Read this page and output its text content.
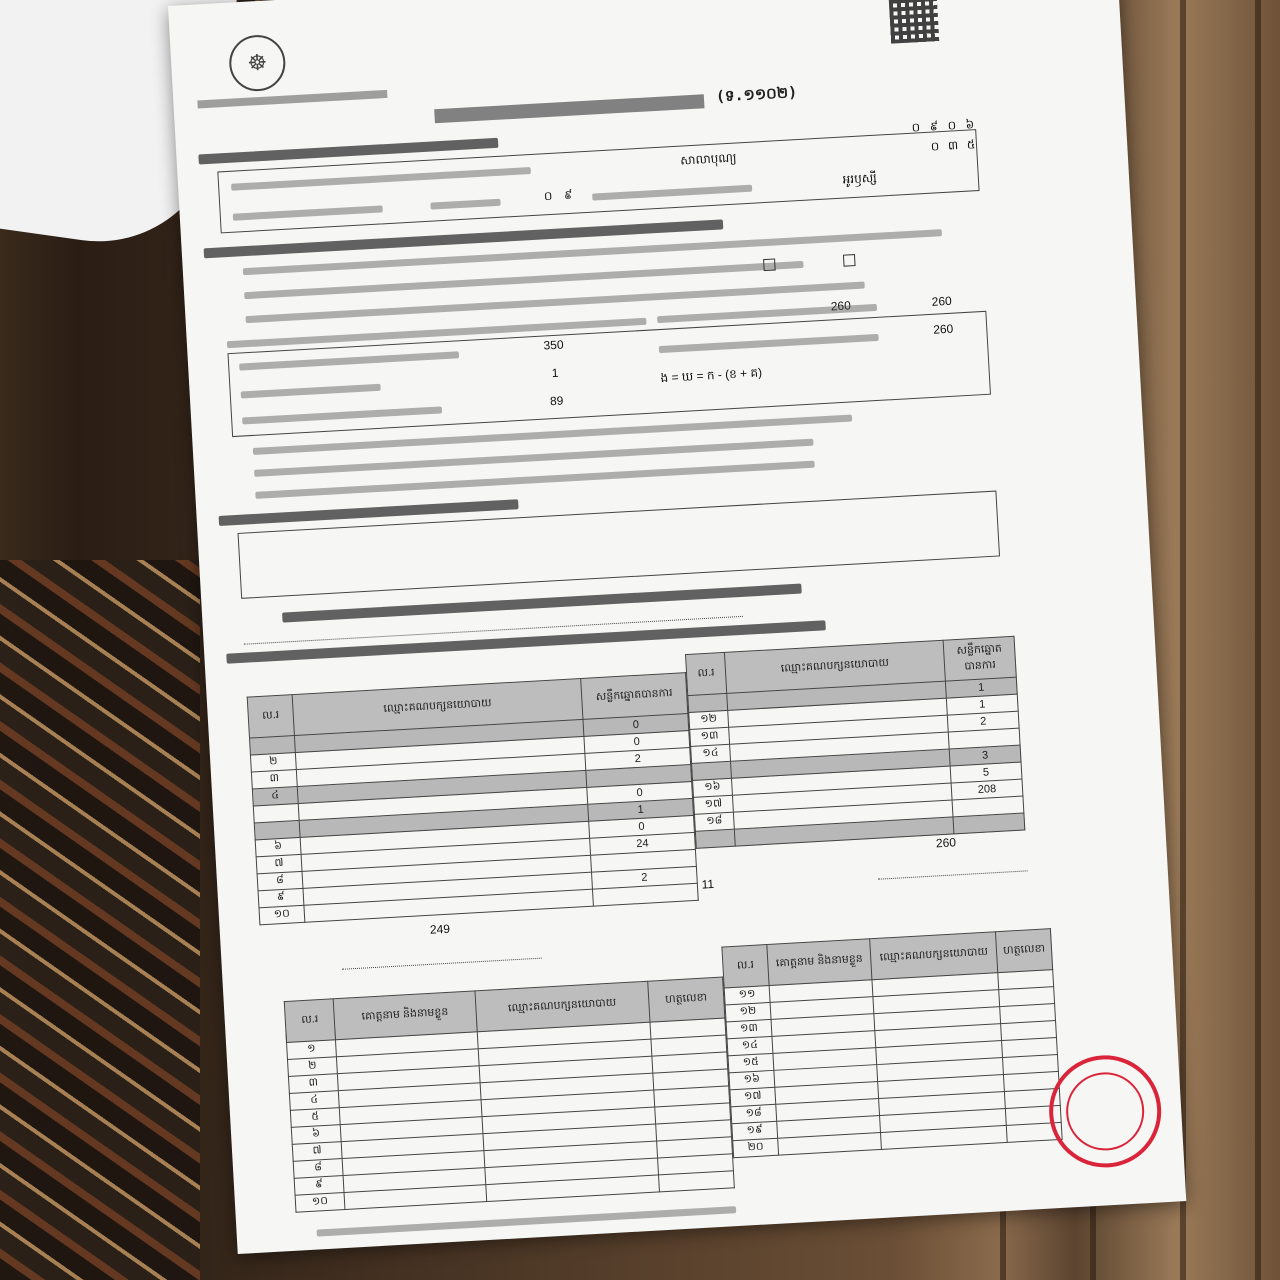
☸
(ទ.១១០២)
សាលាបុណ្យ
០ ៩
អូរឫស្សី
០ ៩ ០ ៦
០ ៣ ៥
260
350
1
89
260
260
ង = ឃ = ក - (ខ + គ)
ល.រ	ឈ្មោះគណបក្សនយោបាយ	សន្លឹកឆ្នោតបានការ
		0
២		0
៣		2
៤		
		0
		1
៦		0
៧		24
៨		
៩		2
១០		
ល.រ	ឈ្មោះគណបក្សនយោបាយ	សន្លឹកឆ្នោតបានការ
		1
១២		1
១៣		2
១៤		
		3
១៦		5
១៧		208
១៨		

260
11
249
ល.រ	គោត្តនាម និងនាមខ្លួន	ឈ្មោះគណបក្សនយោបាយ	ហត្ថលេខា
១			
២			
៣			
៤			
៥			
៦			
៧			
៨			
៩			
១០			
ល.រ	គោត្តនាម និងនាមខ្លួន	ឈ្មោះគណបក្សនយោបាយ	ហត្ថលេខា
១១			
១២			
១៣			
១៤			
១៥			
១៦			
១៧			
១៨			
១៩			
២០			
